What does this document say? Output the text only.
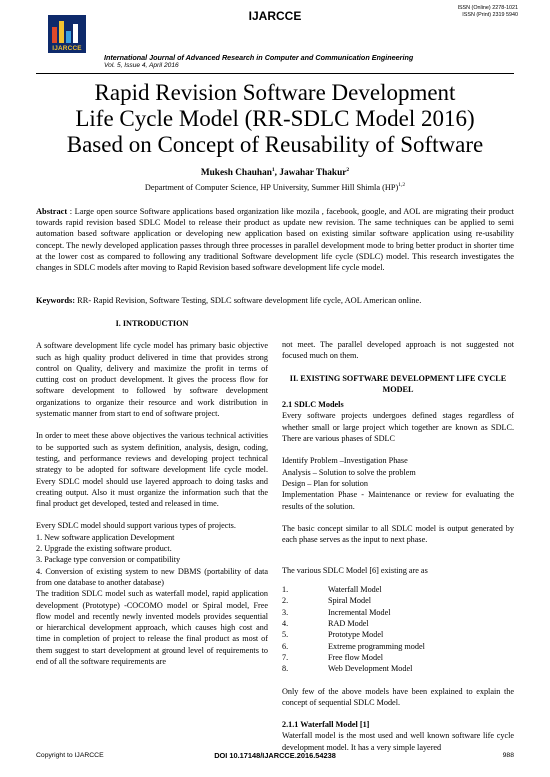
IJARCCE
ISSN (Online) 2278-1021
ISSN (Print) 2319 5940
IJARCCE
International Journal of Advanced Research in Computer and Communication Engineering
Vol. 5, Issue 4, April 2016
Rapid Revision Software Development
Life Cycle Model (RR-SDLC Model 2016)
Based on Concept of Reusability of Software
Mukesh Chauhan$^1$, Jawahar Thakur$^2$
Department of Computer Science, HP University, Summer Hill Shimla (HP)$^{1,2}$
Abstract : Large open source Software applications based organization like mozila , facebook, google, and AOL are migrating their product towards rapid revision based SDLC Model to release their product as update new revision. The same techniques can be applied to semi automation based software application or developing new application based on existing similar software application using re-usability concept. The newly developed application passes through three processes in parallel development mode to bring better product in shorter time at the lower cost as compared to following any traditional Software development life cycle (SDLC) model. This research investigates the changes in SDLC models after moving to Rapid Revision based software development life cycle model.
Keywords: RR- Rapid Revision, Software Testing, SDLC software development life cycle, AOL American online.

I. INTRODUCTION

A software development life cycle model has primary basic objective such as high quality product delivered in time that provides strong control on Quality, delivery and maximize the profit in terms of cutting cost on product development. It gives the process flow for software development to followed by software development organizations to organize their resource and work distribution in systematic manner from start to end of software project.

In order to meet these above objectives the various technical activities to be supported such as system definition, analysis, design, coding, testing, and performance reviews and developing project technical strategy to be adopted for software development life cycle model. Every SDLC model should use layered approach to doing tasks and creating output. Also it must organize the information such that the final product get developed, tested and released in time.

Every SDLC model should support various types of projects.

1. New software application Development
2. Upgrade the existing software product.
3. Package type conversion or compatibility
4. Conversion of existing system to new DBMS (portability of data from one database to another database)

The tradition SDLC model such as waterfall model, rapid application development (Prototype) -COCOMO model or Spiral model, Free flow model and recently newly invented models provides sequential or hierarchical development approach, which causes high cost and time in completion of project to release the final product as most of them suggest to start development at ground level of requirements to end of all the software requirements are

not meet. The parallel developed approach is not suggested not focused much on them.

II. EXISTING SOFTWARE DEVELOPMENT LIFE CYCLE MODEL

2.1 SDLC Models

Every software projects undergoes defined stages regardless of whether small or large project which together are known as SDLC. There are various phases of SDLC

Identify Problem –Investigation Phase
Analysis – Solution to solve the problem
Design – Plan for solution
Implementation Phase - Maintenance or review for evaluating the results of the solution.

The basic concept similar to all SDLC model is output generated by each phase serves as the input to next phase.

The various SDLC Model [6] existing are as

1.	Waterfall Model
2.	Spiral Model
3.	Incremental Model
4.	RAD Model
5.	Prototype Model
6.	Extreme programming model
7.	Free flow Model
8.	Web Development Model

Only few of the above models have been explained to explain the concept of sequential SDLC Model.

2.1.1 Waterfall Model [1]

Waterfall model is the most used and well known software life cycle development model. It has a very simple layered

Copyright to IJARCCE	DOI 10.17148/IJARCCE.2016.54238	988
